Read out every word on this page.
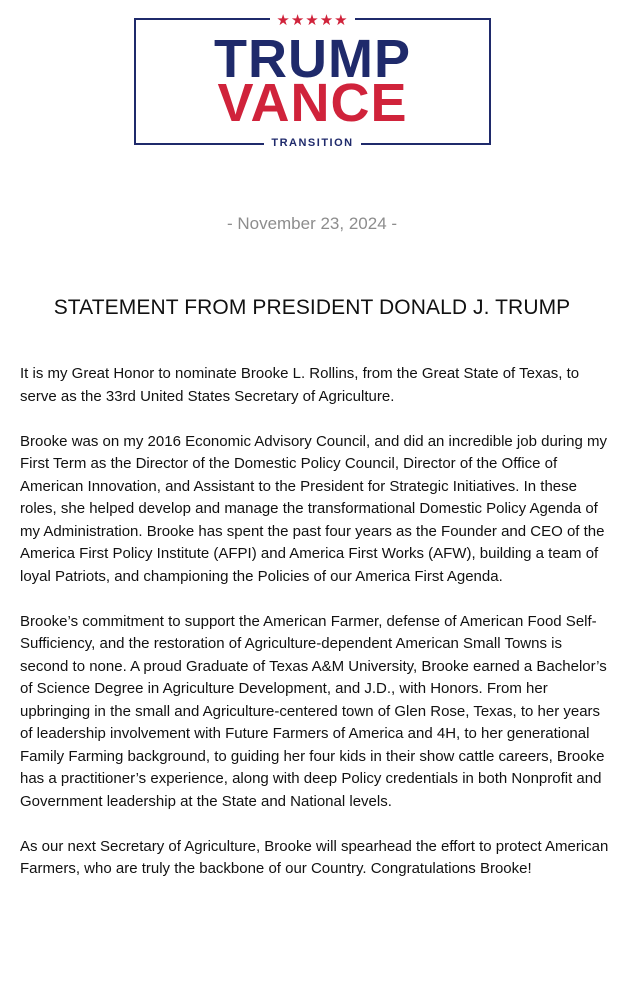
★★★★★
TRUMP
VANCE
TRANSITION
- November 23, 2024 -
STATEMENT FROM PRESIDENT DONALD J. TRUMP

It is my Great Honor to nominate Brooke L. Rollins, from the Great State of Texas, to serve as the 33rd United States Secretary of Agriculture.

Brooke was on my 2016 Economic Advisory Council, and did an incredible job during my First Term as the Director of the Domestic Policy Council, Director of the Office of American Innovation, and Assistant to the President for Strategic Initiatives. In these roles, she helped develop and manage the transformational Domestic Policy Agenda of my Administration. Brooke has spent the past four years as the Founder and CEO of the America First Policy Institute (AFPI) and America First Works (AFW), building a team of loyal Patriots, and championing the Policies of our America First Agenda.

Brooke’s commitment to support the American Farmer, defense of American Food Self-Sufficiency, and the restoration of Agriculture-dependent American Small Towns is second to none. A proud Graduate of Texas A&M University, Brooke earned a Bachelor’s of Science Degree in Agriculture Development, and J.D., with Honors. From her upbringing in the small and Agriculture-centered town of Glen Rose, Texas, to her years of leadership involvement with Future Farmers of America and 4H, to her generational Family Farming background, to guiding her four kids in their show cattle careers, Brooke has a practitioner’s experience, along with deep Policy credentials in both Nonprofit and Government leadership at the State and National levels.

As our next Secretary of Agriculture, Brooke will spearhead the effort to protect American Farmers, who are truly the backbone of our Country. Congratulations Brooke!
